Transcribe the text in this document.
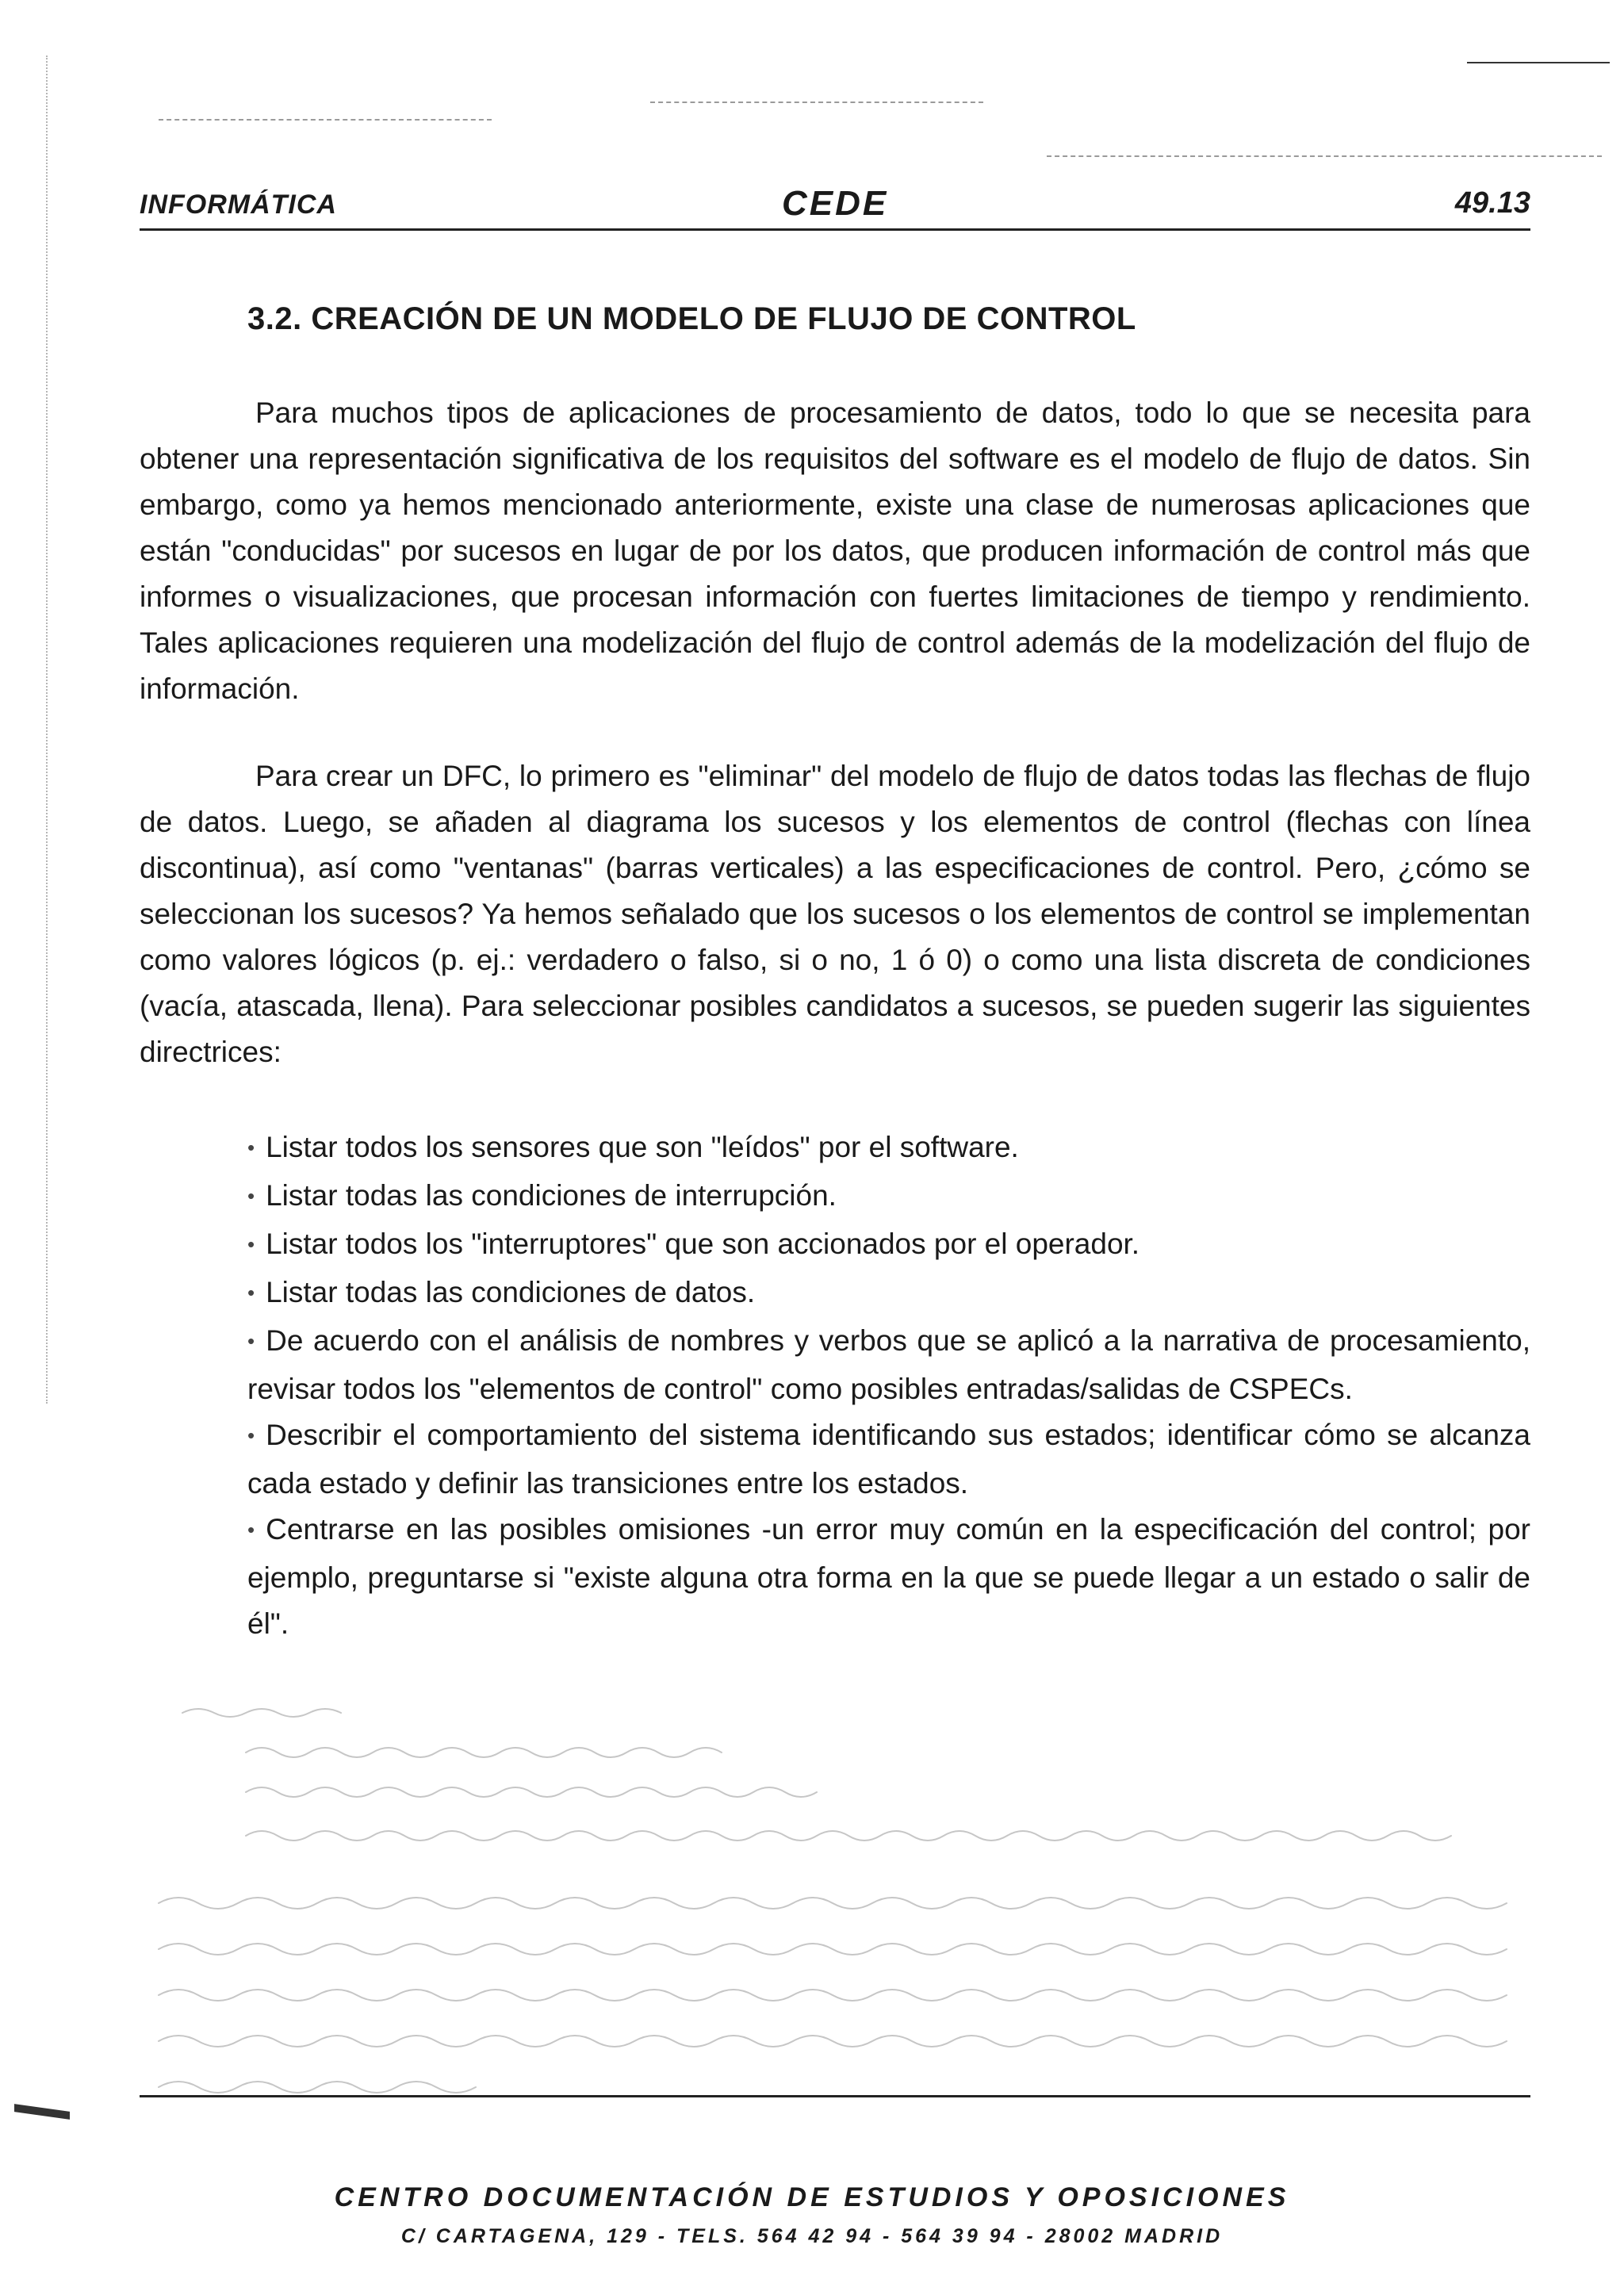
INFORMÁTICA	CEDE	49.13
3.2. CREACIÓN DE UN MODELO DE FLUJO DE CONTROL

Para muchos tipos de aplicaciones de procesamiento de datos, todo lo que se necesita para obtener una representación significativa de los requisitos del software es el modelo de flujo de datos. Sin embargo, como ya hemos mencionado anteriormente, existe una clase de numerosas aplicaciones que están "conducidas" por sucesos en lugar de por los datos, que producen información de control más que informes o visualizaciones, que procesan información con fuertes limitaciones de tiempo y rendimiento. Tales aplicaciones requieren una modelización del flujo de control además de la modelización del flujo de información.

Para crear un DFC, lo primero es "eliminar" del modelo de flujo de datos todas las flechas de flujo de datos. Luego, se añaden al diagrama los sucesos y los elementos de control (flechas con línea discontinua), así como "ventanas" (barras verticales) a las especificaciones de control. Pero, ¿cómo se seleccionan los sucesos? Ya hemos señalado que los sucesos o los elementos de control se implementan como valores lógicos (p. ej.: verdadero o falso, si o no, 1 ó 0) o como una lista discreta de condiciones (vacía, atascada, llena). Para seleccionar posibles candidatos a sucesos, se pueden sugerir las siguientes directrices:

• Listar todos los sensores que son "leídos" por el software.
• Listar todas las condiciones de interrupción.
• Listar todos los "interruptores" que son accionados por el operador.
• Listar todas las condiciones de datos.
• De acuerdo con el análisis de nombres y verbos que se aplicó a la narrativa de procesamiento, revisar todos los "elementos de control" como posibles entradas/salidas de CSPECs.
• Describir el comportamiento del sistema identificando sus estados; identificar cómo se alcanza cada estado y definir las transiciones entre los estados.
• Centrarse en las posibles omisiones -un error muy común en la especificación del control; por ejemplo, preguntarse si "existe alguna otra forma en la que se puede llegar a un estado o salir de él".
CENTRO DOCUMENTACIÓN DE ESTUDIOS Y OPOSICIONES
C/ CARTAGENA, 129 - TELS. 564 42 94 - 564 39 94 - 28002 MADRID
